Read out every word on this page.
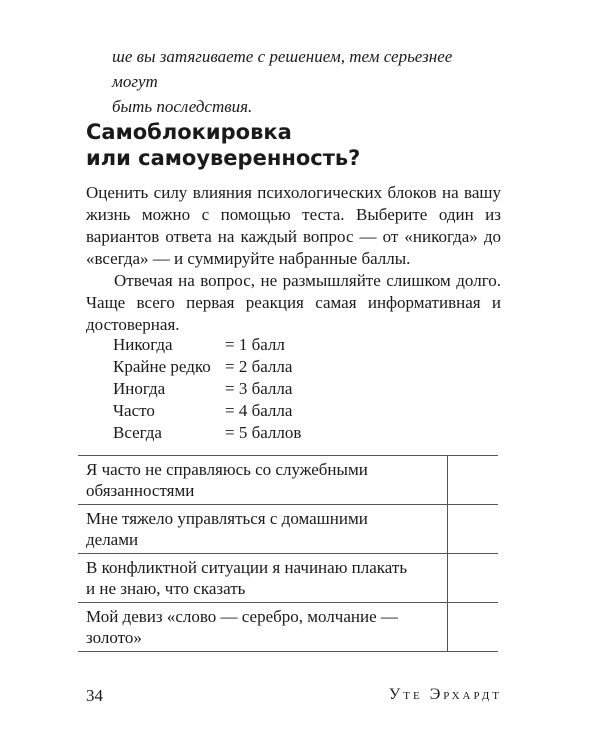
ше вы затягиваете с решением, тем серьезнее могут

быть последствия.

Самоблокировка
или самоуверенность?

Оценить силу влияния психологических блоков на вашу жизнь можно с помощью теста. Выберите один из вариантов ответа на каждый вопрос — от «никогда» до «всегда» — и суммируйте набранные баллы.

Отвечая на вопрос, не размышляйте слишком долго. Чаще всего первая реакция самая информативная и достоверная.

Никогда	= 1 балл
Крайне редко = 2 балла
Иногда	= 3 балла
Часто	= 4 балла
Всегда	= 5 баллов
Я часто не справляюсь со служебными
обязанностями	

Мне тяжело управляться с домашними
делами	

В конфликтной ситуации я начинаю плакать
и не знаю, что сказать	

Мой девиз «слово — серебро, молчание —
золото»	

34	Уте Эрхардт
